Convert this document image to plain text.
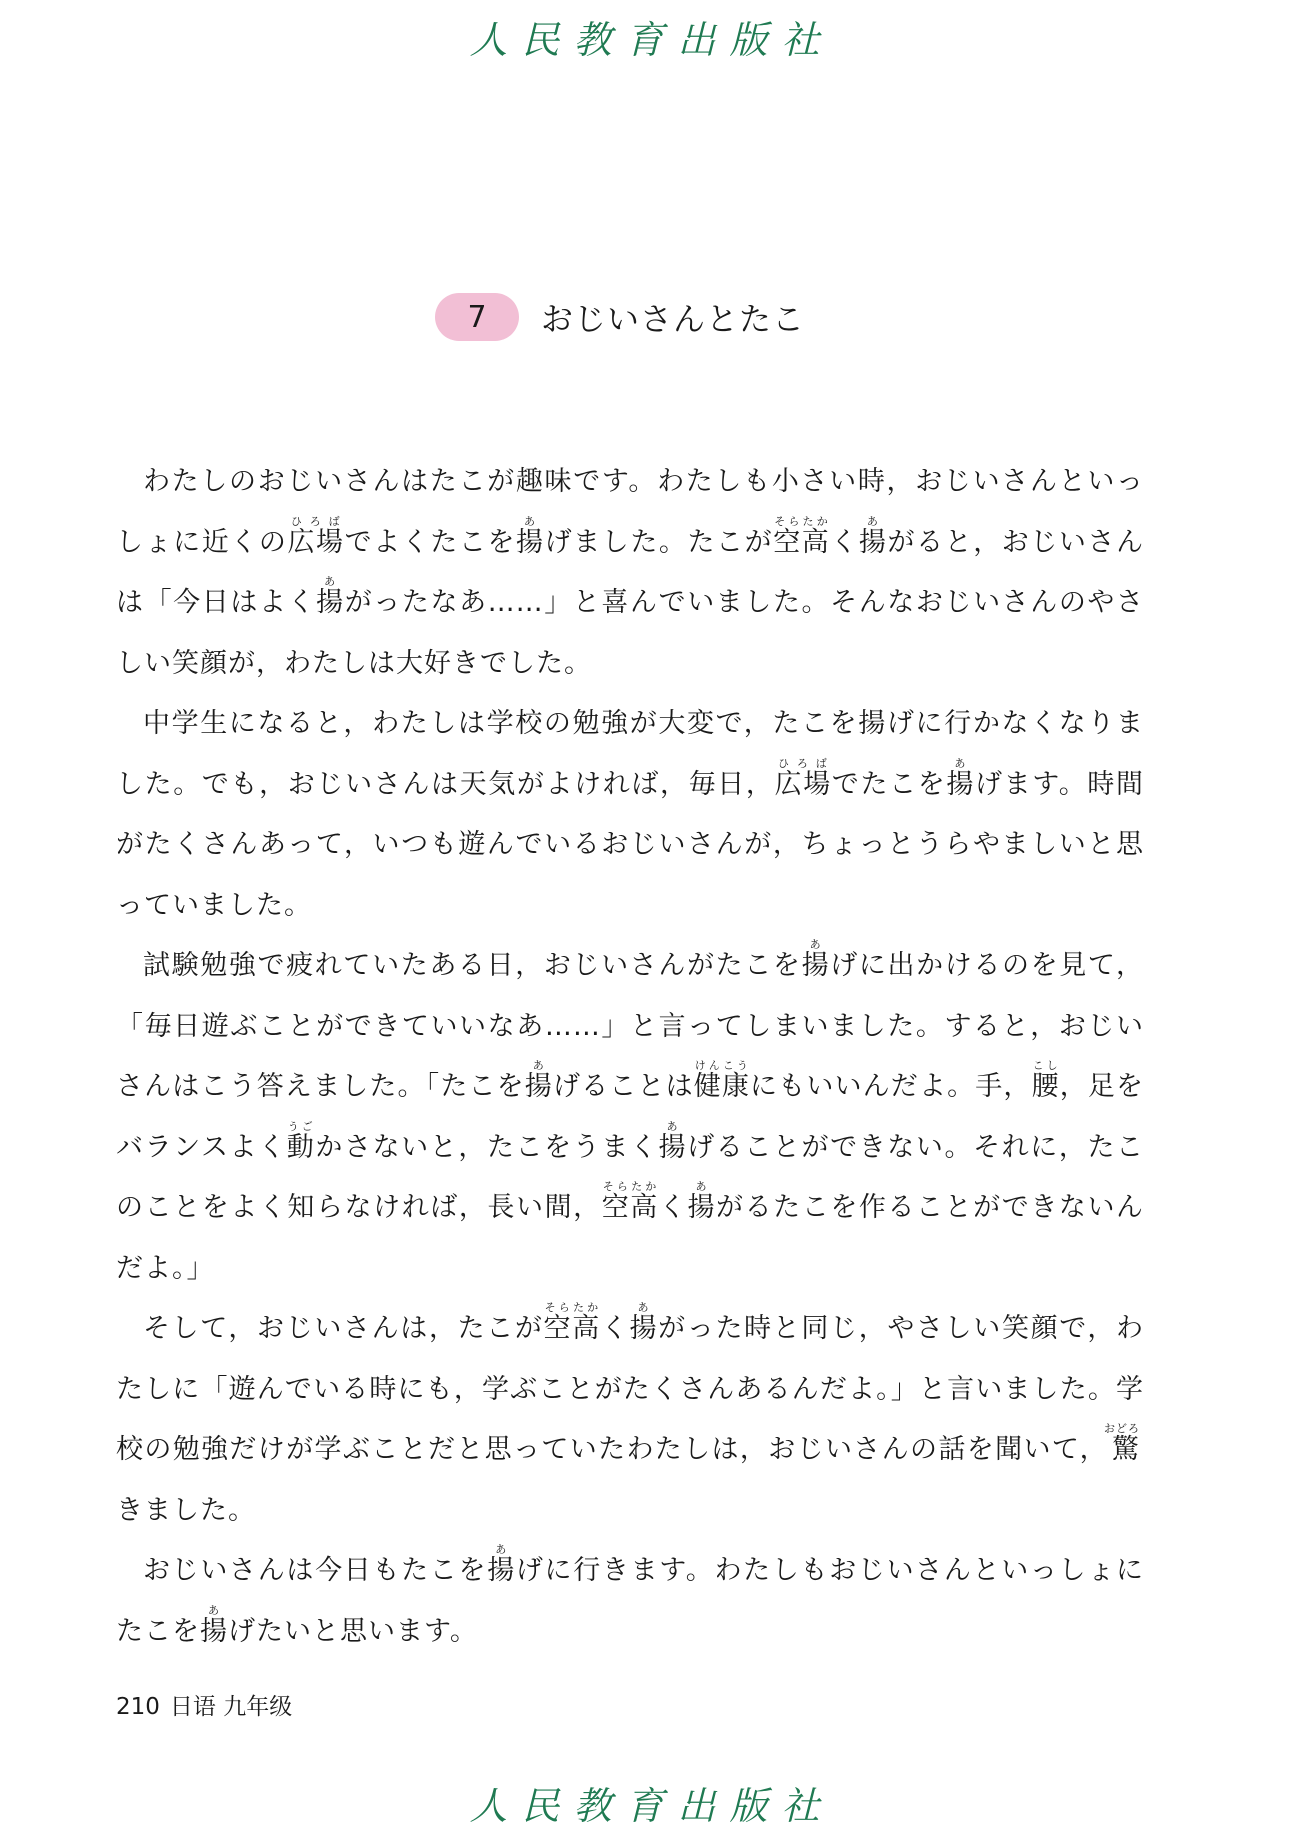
人民教育出版社
7	おじいさんとたこ

わたしのおじいさんはたこが趣味です。わたしも小さい時，おじいさんといっしょに近くの広場ひろばでよくたこを揚あげました。たこが空高そらたかく揚あがると，おじいさんは「今日はよく揚あがったなあ……」と喜んでいました。そんなおじいさんのやさしい笑顔が，わたしは大好きでした。

中学生になると，わたしは学校の勉強が大変で，たこを揚げに行かなくなりました。でも，おじいさんは天気がよければ，毎日，広場ひろばでたこを揚あげます。時間がたくさんあって，いつも遊んでいるおじいさんが，ちょっとうらやましいと思っていました。

試験勉強で疲れていたある日，おじいさんがたこを揚あげに出かけるのを見て，「毎日遊ぶことができていいなあ……」と言ってしまいました。すると，おじいさんはこう答えました。「たこを揚あげることは健康けんこうにもいいんだよ。手，腰こし，足をバランスよく動うごかさないと，たこをうまく揚あげることができない。それに，たこのことをよく知らなければ，長い間，空高そらたかく揚あがるたこを作ることができないんだよ。」

そして，おじいさんは，たこが空高そらたかく揚あがった時と同じ，やさしい笑顔で，わたしに「遊んでいる時にも，学ぶことがたくさんあるんだよ。」と言いました。学校の勉強だけが学ぶことだと思っていたわたしは，おじいさんの話を聞いて，驚おどろきました。

おじいさんは今日もたこを揚あげに行きます。わたしもおじいさんといっしょにたこを揚あげたいと思います。

210 日语 九年级
人民教育出版社
